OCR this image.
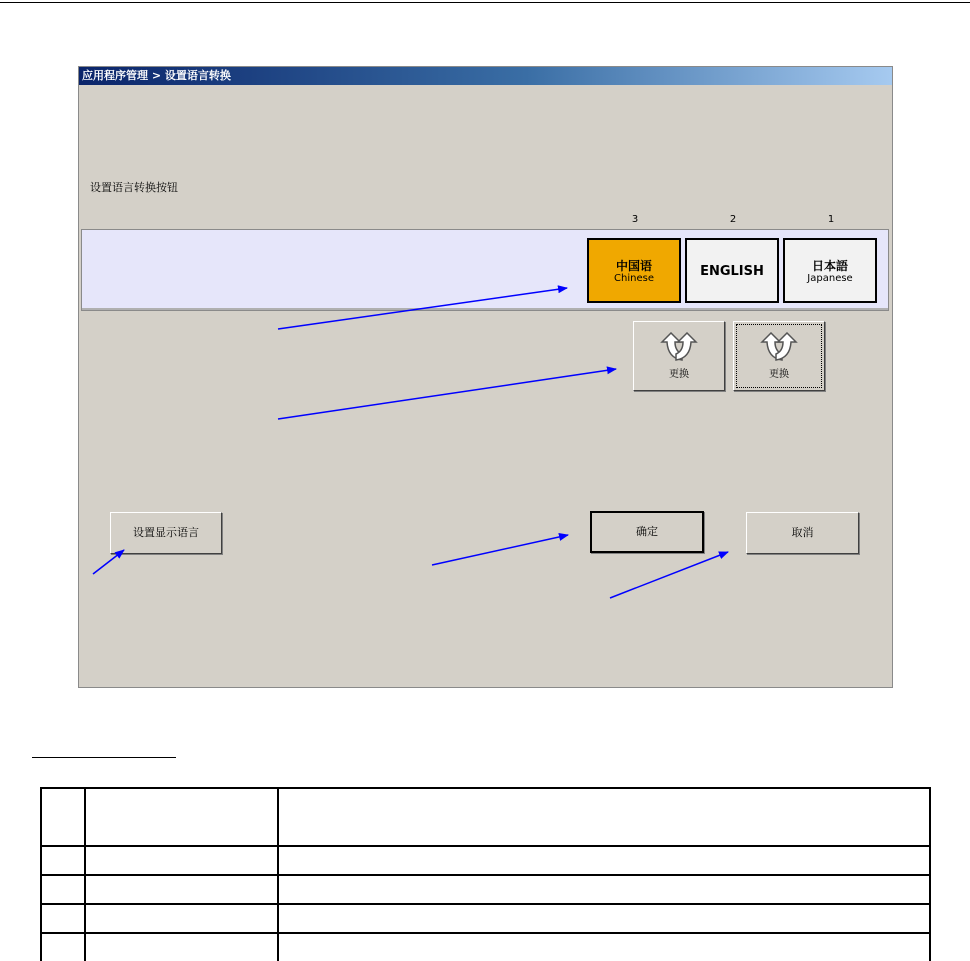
应用程序管理 > 设置语言转换
设置语言转换按钮
3	2	1
中国语
Chinese	ENGLISH	日本語
Japanese
更换	更换
设置显示语言	确定	取消
